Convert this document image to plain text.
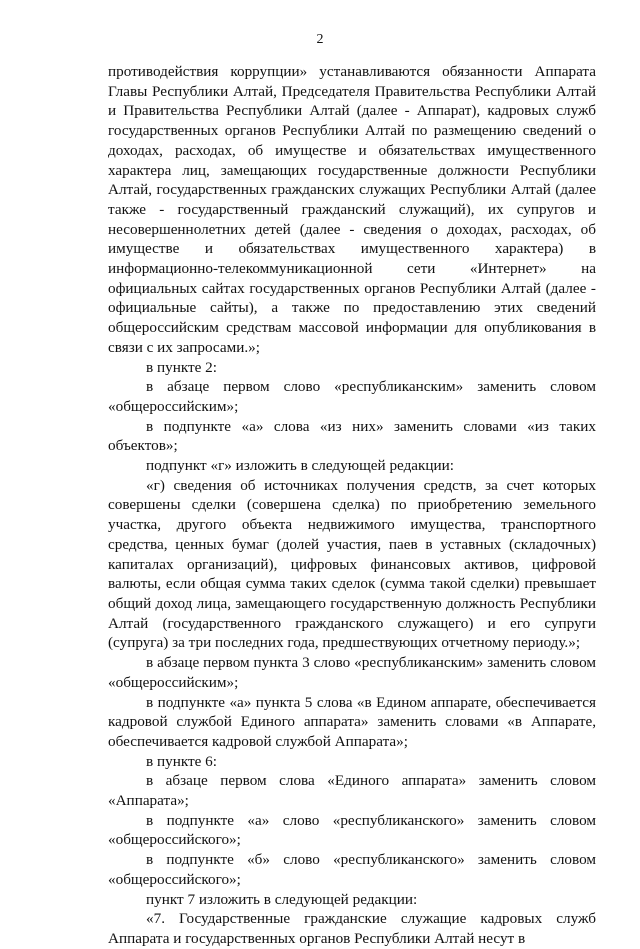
2

противодействия коррупции» устанавливаются обязанности Аппарата Главы Республики Алтай, Председателя Правительства Республики Алтай и Правительства Республики Алтай (далее - Аппарат), кадровых служб государственных органов Республики Алтай по размещению сведений о доходах, расходах, об имуществе и обязательствах имущественного характера лиц, замещающих государственные должности Республики Алтай, государственных гражданских служащих Республики Алтай (далее также - государственный гражданский служащий), их супругов и несовершеннолетних детей (далее - сведения о доходах, расходах, об имуществе и обязательствах имущественного характера) в информационно-телекоммуникационной сети «Интернет» на официальных сайтах государственных органов Республики Алтай (далее - официальные сайты), а также по предоставлению этих сведений общероссийским средствам массовой информации для опубликования в связи с их запросами.»;

в пункте 2:

в абзаце первом слово «республиканским» заменить словом «общероссийским»;

в подпункте «а» слова «из них» заменить словами «из таких объектов»;

подпункт «г» изложить в следующей редакции:

«г) сведения об источниках получения средств, за счет которых совершены сделки (совершена сделка) по приобретению земельного участка, другого объекта недвижимого имущества, транспортного средства, ценных бумаг (долей участия, паев в уставных (складочных) капиталах организаций), цифровых финансовых активов, цифровой валюты, если общая сумма таких сделок (сумма такой сделки) превышает общий доход лица, замещающего государственную должность Республики Алтай (государственного гражданского служащего) и его супруги (супруга) за три последних года, предшествующих отчетному периоду.»;

в абзаце первом пункта 3 слово «республиканским» заменить словом «общероссийским»;

в подпункте «а» пункта 5 слова «в Едином аппарате, обеспечивается кадровой службой Единого аппарата» заменить словами «в Аппарате, обеспечивается кадровой службой Аппарата»;

в пункте 6:

в абзаце первом слова «Единого аппарата» заменить словом «Аппарата»;

в подпункте «а» слово «республиканского» заменить словом «общероссийского»;

в подпункте «б» слово «республиканского» заменить словом «общероссийского»;

пункт 7 изложить в следующей редакции:

«7. Государственные гражданские служащие кадровых служб Аппарата и государственных органов Республики Алтай несут в
